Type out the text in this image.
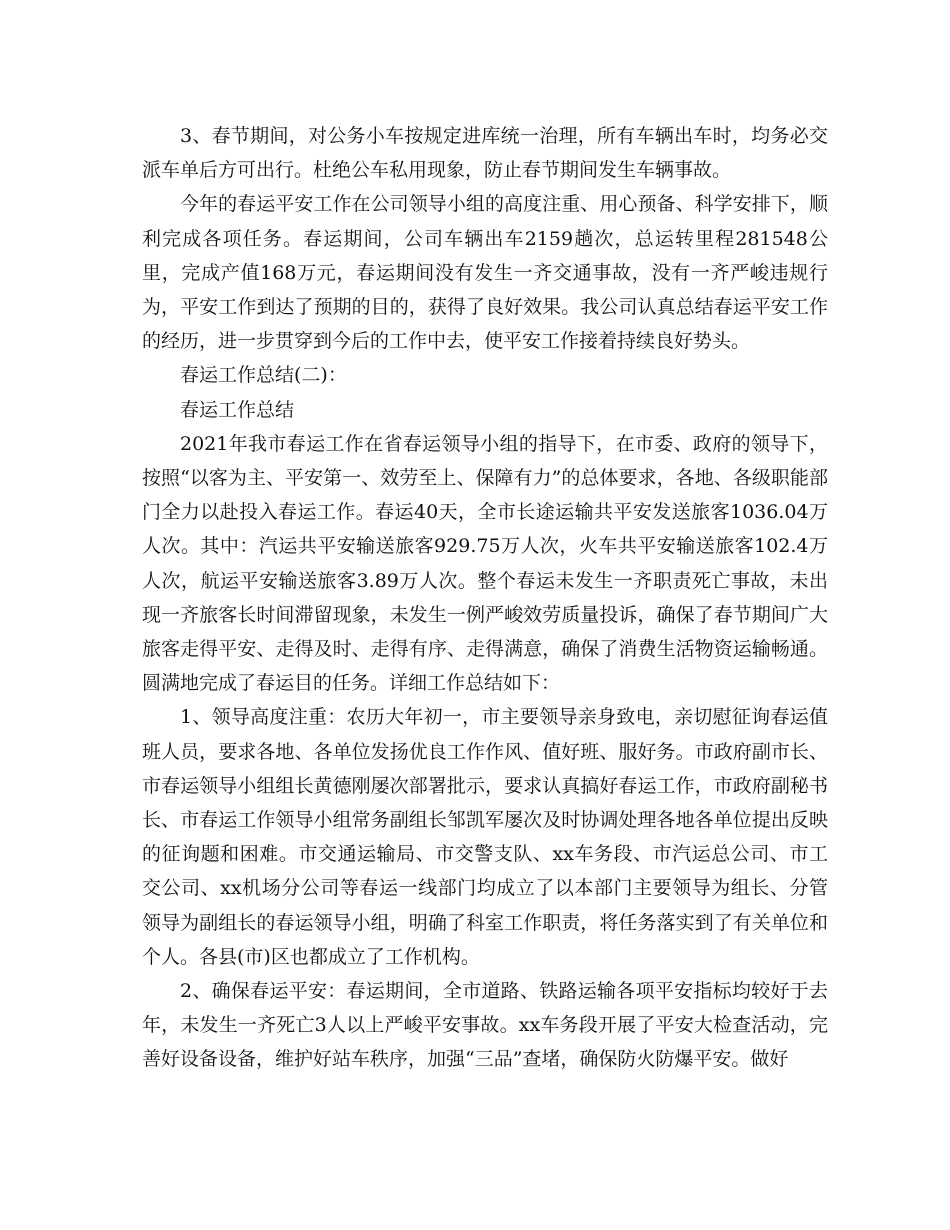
3、春节期间，对公务小车按规定进库统一治理，所有车辆出车时，均务必交派车单后方可出行。杜绝公车私用现象，防止春节期间发生车辆事故。

今年的春运平安工作在公司领导小组的高度注重、用心预备、科学安排下，顺利完成各项任务。春运期间，公司车辆出车2159趟次，总运转里程281548公里，完成产值168万元，春运期间没有发生一齐交通事故，没有一齐严峻违规行为，平安工作到达了预期的目的，获得了良好效果。我公司认真总结春运平安工作的经历，进一步贯穿到今后的工作中去，使平安工作接着持续良好势头。

春运工作总结(二)：

春运工作总结

2021年我市春运工作在省春运领导小组的指导下，在市委、政府的领导下，按照“以客为主、平安第一、效劳至上、保障有力”的总体要求，各地、各级职能部门全力以赴投入春运工作。春运40天，全市长途运输共平安发送旅客1036.04万人次。其中：汽运共平安输送旅客929.75万人次，火车共平安输送旅客102.4万人次，航运平安输送旅客3.89万人次。整个春运未发生一齐职责死亡事故，未出现一齐旅客长时间滞留现象，未发生一例严峻效劳质量投诉，确保了春节期间广大旅客走得平安、走得及时、走得有序、走得满意，确保了消费生活物资运输畅通。圆满地完成了春运目的任务。详细工作总结如下：

1、领导高度注重：农历大年初一，市主要领导亲身致电，亲切慰征询春运值班人员，要求各地、各单位发扬优良工作作风、值好班、服好务。市政府副市长、市春运领导小组组长黄德刚屡次部署批示，要求认真搞好春运工作，市政府副秘书长、市春运工作领导小组常务副组长邹凯军屡次及时协调处理各地各单位提出反映的征询题和困难。市交通运输局、市交警支队、xx车务段、市汽运总公司、市工交公司、xx机场分公司等春运一线部门均成立了以本部门主要领导为组长、分管领导为副组长的春运领导小组，明确了科室工作职责，将任务落实到了有关单位和个人。各县(市)区也都成立了工作机构。

2、确保春运平安：春运期间，全市道路、铁路运输各项平安指标均较好于去年，未发生一齐死亡3人以上严峻平安事故。xx车务段开展了平安大检查活动，完善好设备设备，维护好站车秩序，加强“三品”查堵，确保防火防爆平安。做好
